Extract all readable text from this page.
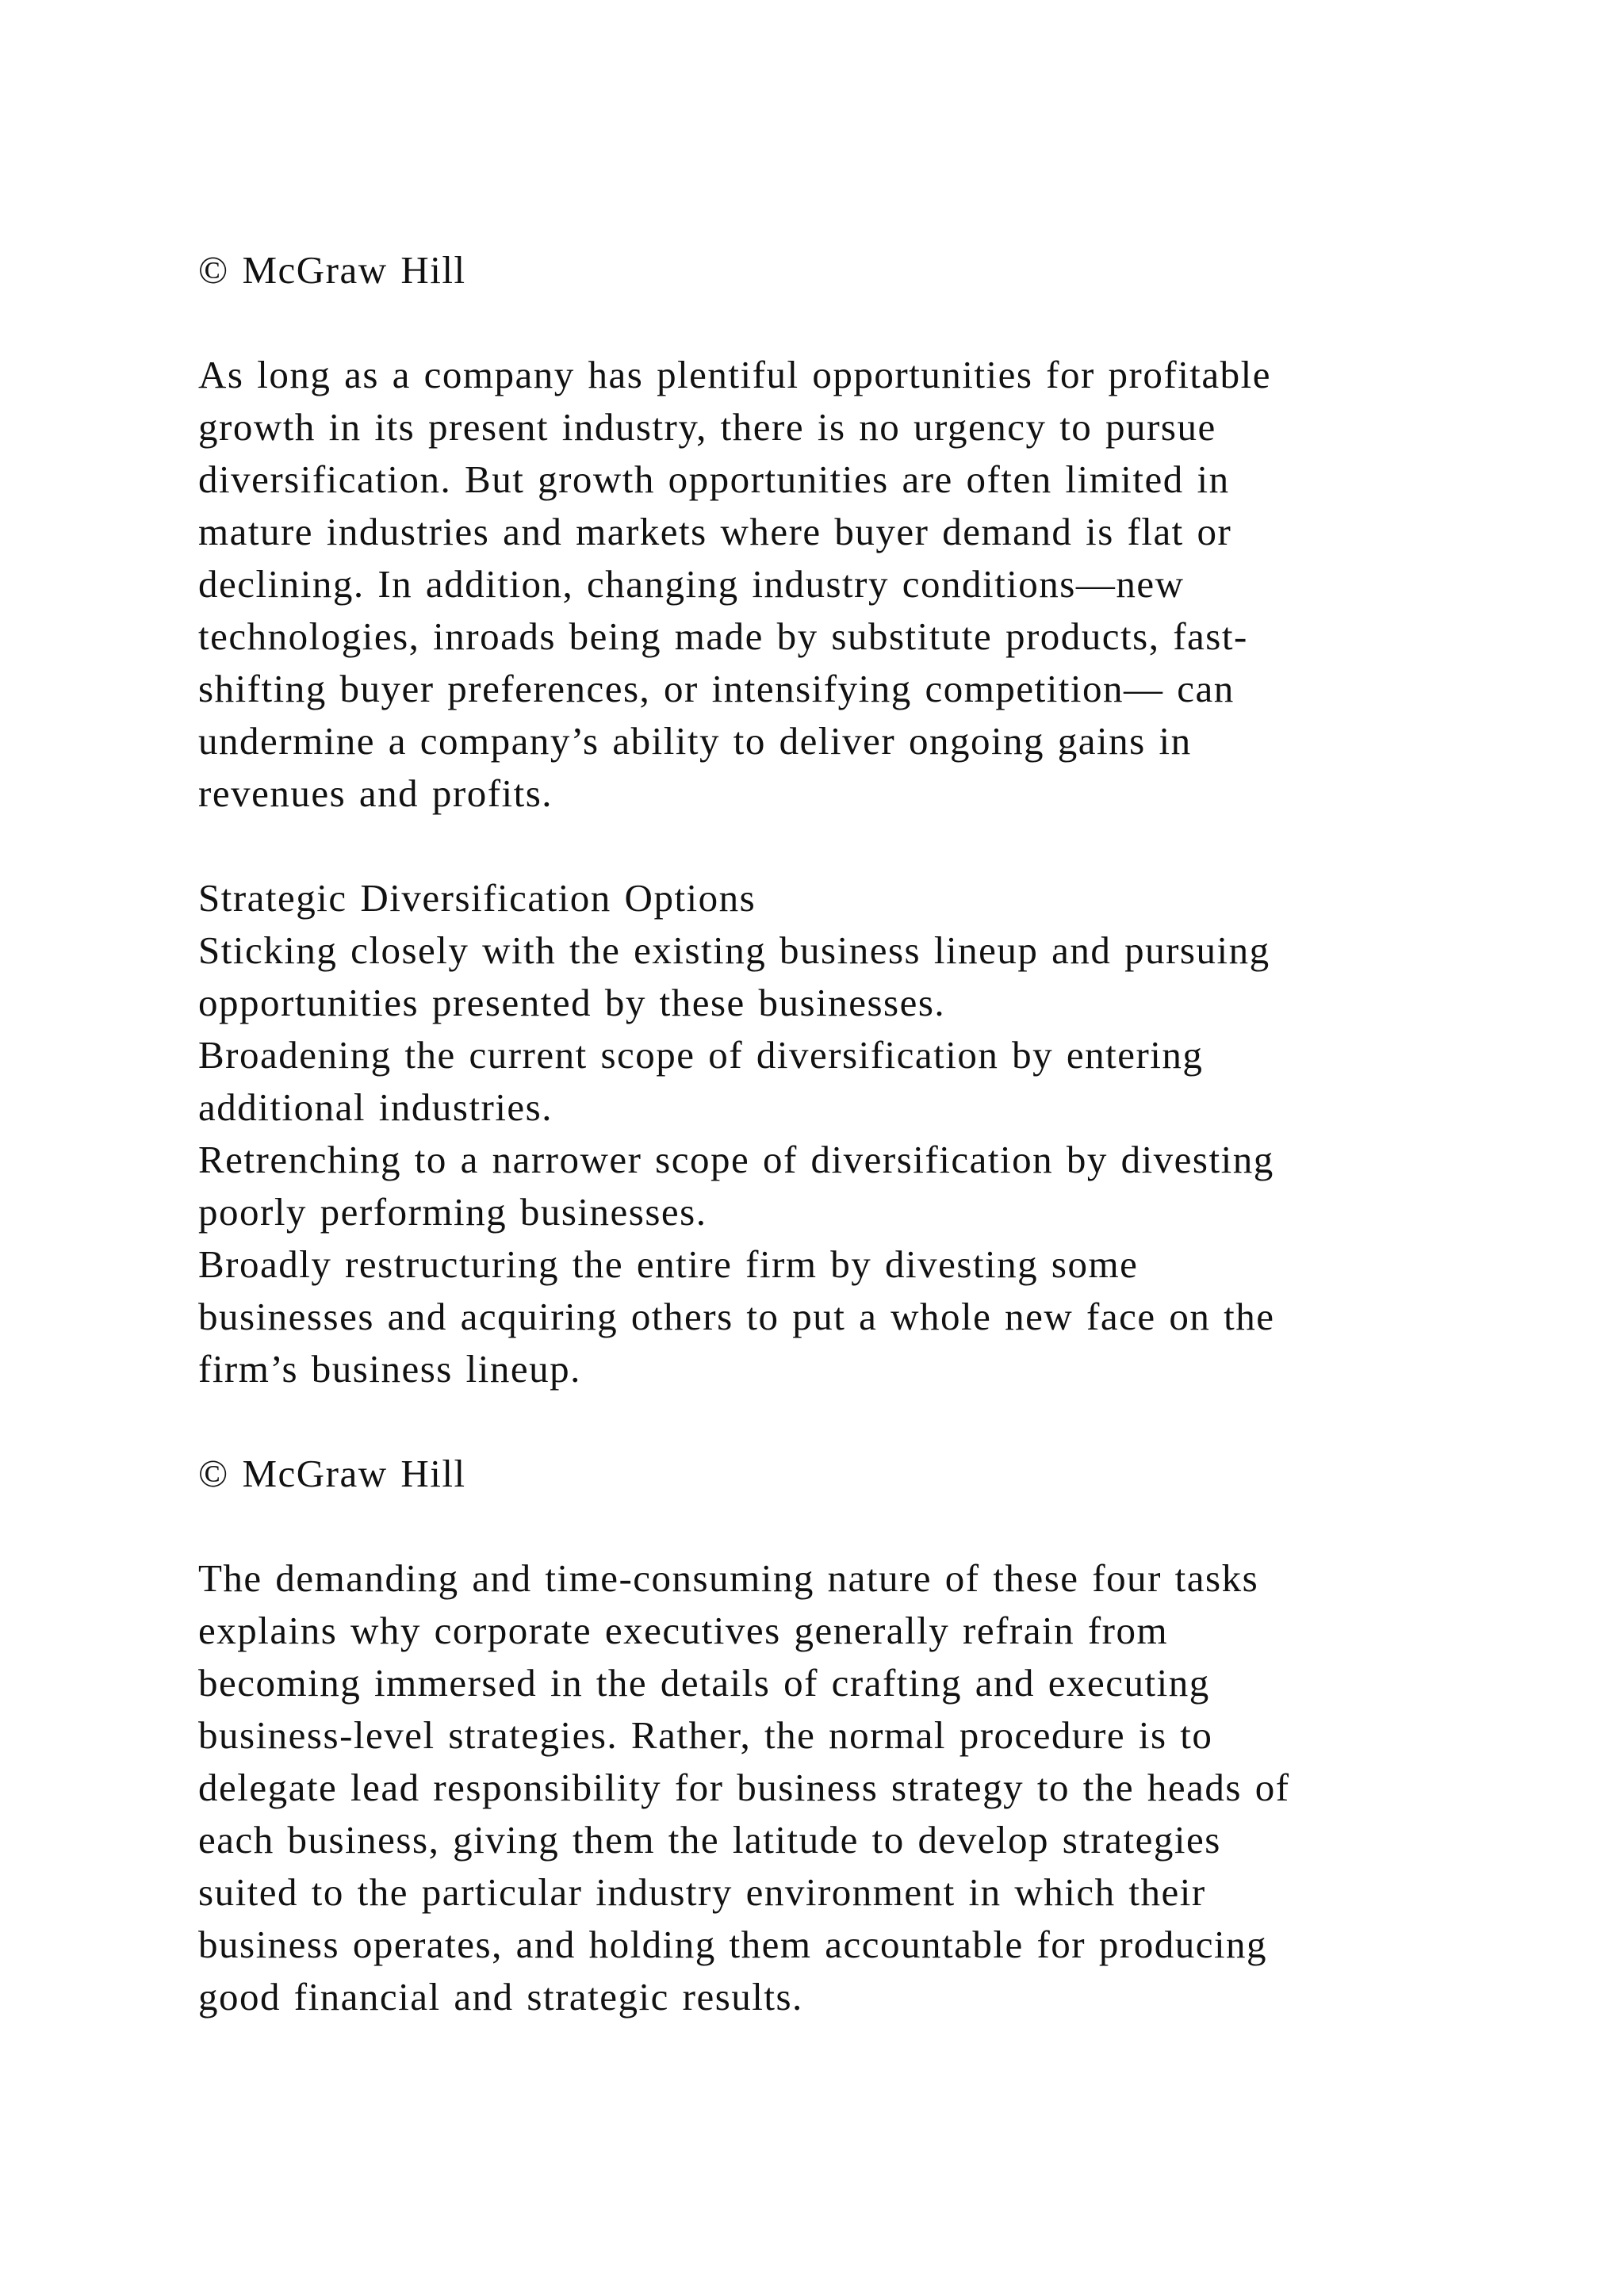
© McGraw Hill
As long as a company has plentiful opportunities for profitable
growth in its present industry, there is no urgency to pursue
diversification. But growth opportunities are often limited in
mature industries and markets where buyer demand is flat or
declining. In addition, changing industry conditions—new
technologies, inroads being made by substitute products, fast-
shifting buyer preferences, or intensifying competition— can
undermine a company’s ability to deliver ongoing gains in
revenues and profits.
Strategic Diversification Options
Sticking closely with the existing business lineup and pursuing
opportunities presented by these businesses.
Broadening the current scope of diversification by entering
additional industries.
Retrenching to a narrower scope of diversification by divesting
poorly performing businesses.
Broadly restructuring the entire firm by divesting some
businesses and acquiring others to put a whole new face on the
firm’s business lineup.
© McGraw Hill
The demanding and time-consuming nature of these four tasks
explains why corporate executives generally refrain from
becoming immersed in the details of crafting and executing
business-level strategies. Rather, the normal procedure is to
delegate lead responsibility for business strategy to the heads of
each business, giving them the latitude to develop strategies
suited to the particular industry environment in which their
business operates, and holding them accountable for producing
good financial and strategic results.
